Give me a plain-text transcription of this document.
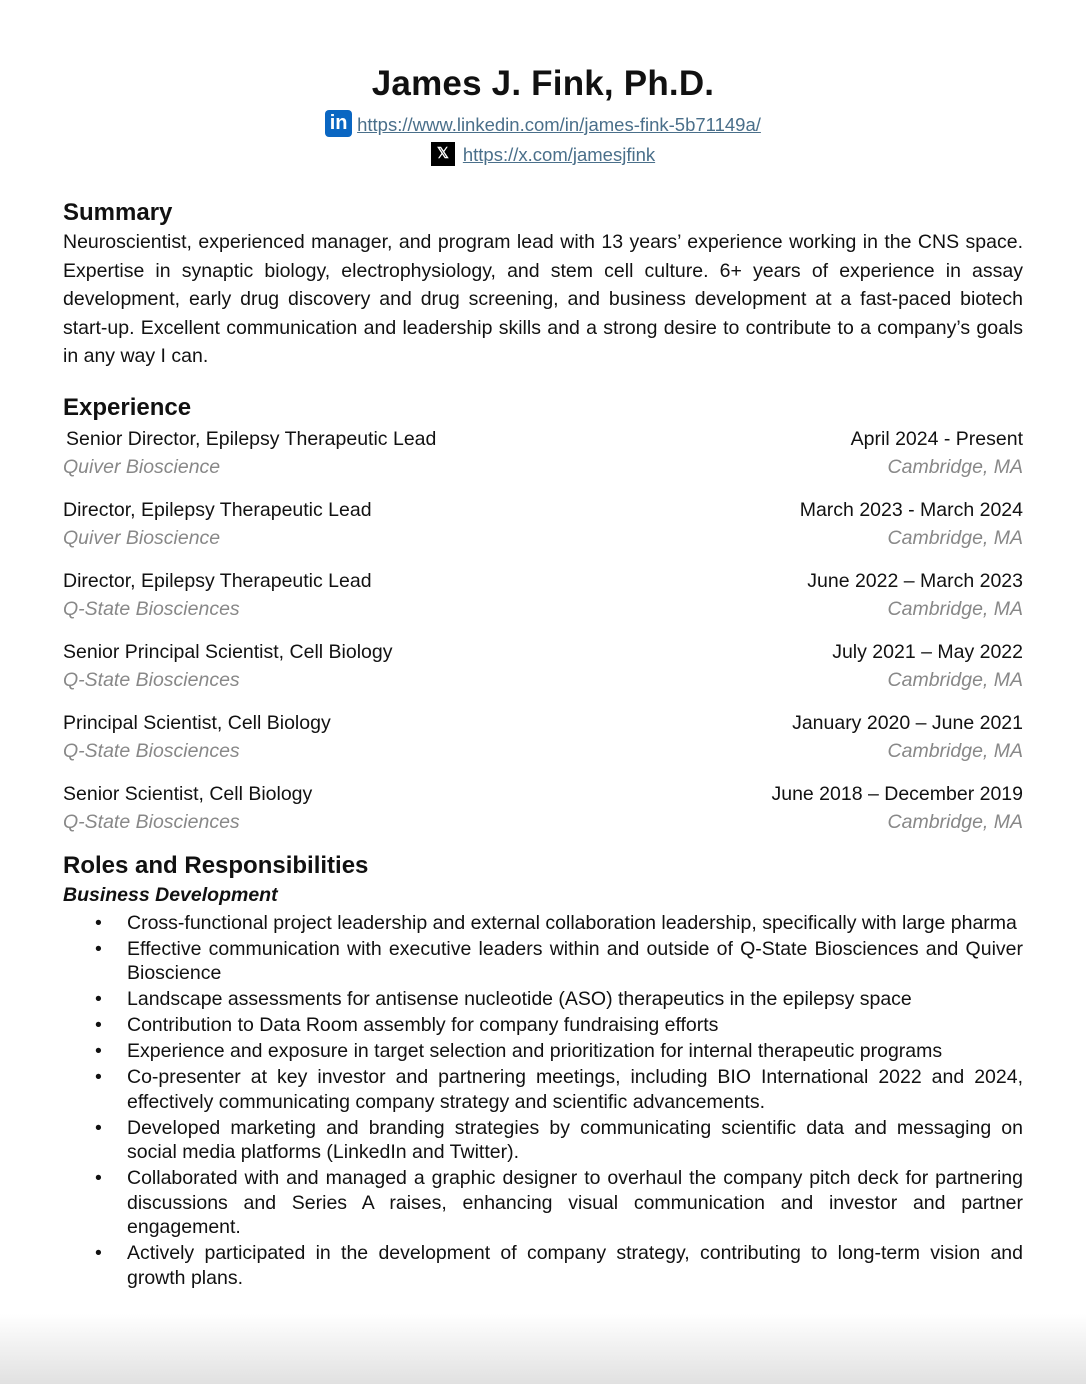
James J. Fink, Ph.D.
in https://www.linkedin.com/in/james-fink-5b71149a/
𝕏 https://x.com/jamesjfink
Summary

Neuroscientist, experienced manager, and program lead with 13 years’ experience working in the CNS space. Expertise in synaptic biology, electrophysiology, and stem cell culture. 6+ years of experience in assay development, early drug discovery and drug screening, and business development at a fast-paced biotech start-up. Excellent communication and leadership skills and a strong desire to contribute to a company’s goals in any way I can.

Experience
Senior Director, Epilepsy Therapeutic Lead
Quiver Bioscience
April 2024 - Present
Cambridge, MA
Director, Epilepsy Therapeutic Lead
Quiver Bioscience
March 2023 - March 2024
Cambridge, MA
Director, Epilepsy Therapeutic Lead
Q-State Biosciences
June 2022 – March 2023
Cambridge, MA
Senior Principal Scientist, Cell Biology
Q-State Biosciences
July 2021 – May 2022
Cambridge, MA
Principal Scientist, Cell Biology
Q-State Biosciences
January 2020 – June 2021
Cambridge, MA
Senior Scientist, Cell Biology
Q-State Biosciences
June 2018 – December 2019
Cambridge, MA
Roles and Responsibilities

Business Development

• Cross-functional project leadership and external collaboration leadership, specifically with large pharma
• Effective communication with executive leaders within and outside of Q-State Biosciences and Quiver Bioscience
• Landscape assessments for antisense nucleotide (ASO) therapeutics in the epilepsy space
• Contribution to Data Room assembly for company fundraising efforts
• Experience and exposure in target selection and prioritization for internal therapeutic programs
• Co-presenter at key investor and partnering meetings, including BIO International 2022 and 2024, effectively communicating company strategy and scientific advancements.
• Developed marketing and branding strategies by communicating scientific data and messaging on social media platforms (LinkedIn and Twitter).
• Collaborated with and managed a graphic designer to overhaul the company pitch deck for partnering discussions and Series A raises, enhancing visual communication and investor and partner engagement.
• Actively participated in the development of company strategy, contributing to long-term vision and growth plans.
